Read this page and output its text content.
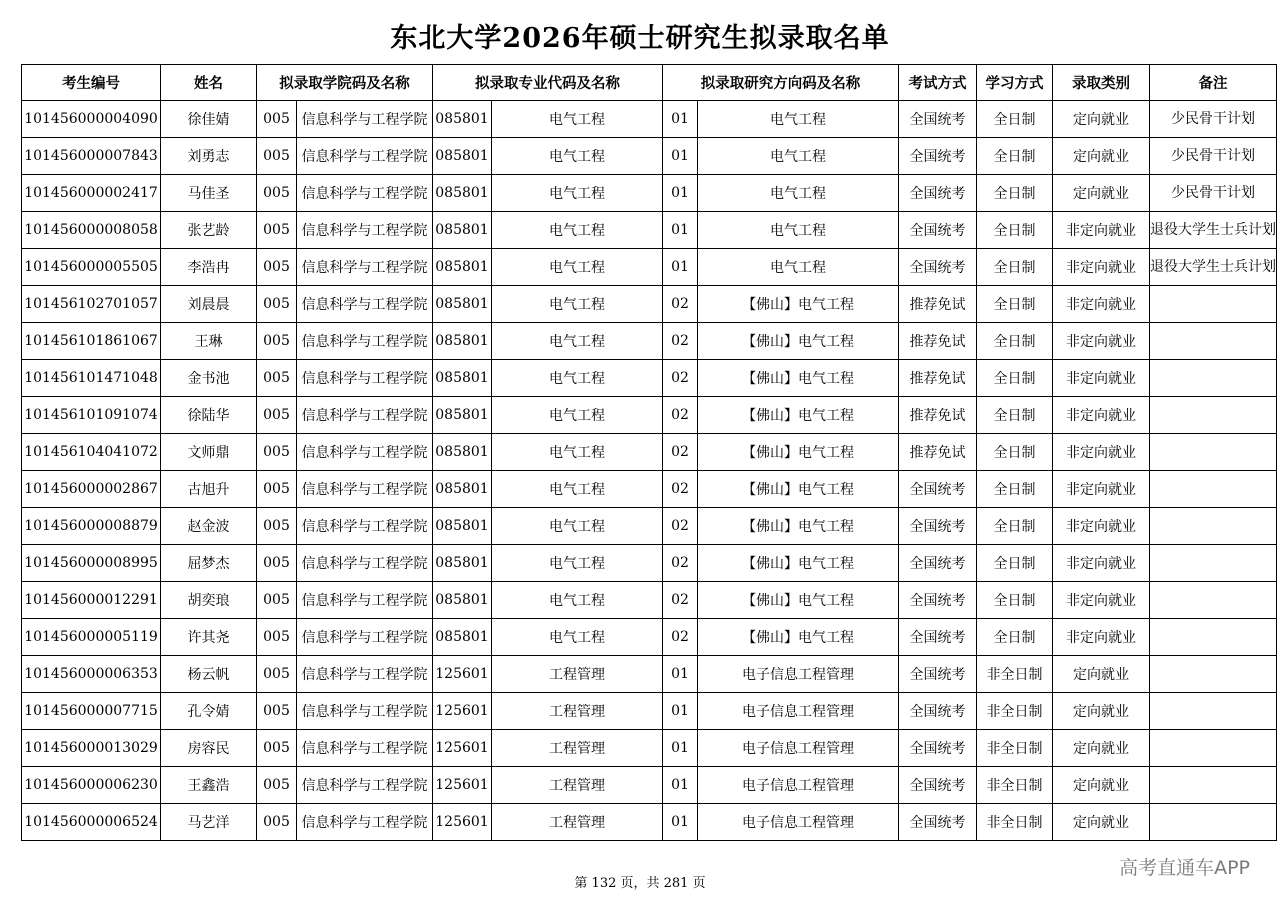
东北大学2026年硕士研究生拟录取名单
考生编号	姓名	拟录取学院码及名称		拟录取专业代码及名称		拟录取研究方向码及名称		考试方式	学习方式	录取类别	备注
101456000004090	徐佳婧	005	信息科学与工程学院	085801	电气工程	01	电气工程	全国统考	全日制	定向就业	少民骨干计划
101456000007843	刘勇志	005	信息科学与工程学院	085801	电气工程	01	电气工程	全国统考	全日制	定向就业	少民骨干计划
101456000002417	马佳圣	005	信息科学与工程学院	085801	电气工程	01	电气工程	全国统考	全日制	定向就业	少民骨干计划
101456000008058	张艺龄	005	信息科学与工程学院	085801	电气工程	01	电气工程	全国统考	全日制	非定向就业	退役大学生士兵计划
101456000005505	李浩冉	005	信息科学与工程学院	085801	电气工程	01	电气工程	全国统考	全日制	非定向就业	退役大学生士兵计划
101456102701057	刘晨晨	005	信息科学与工程学院	085801	电气工程	02	【佛山】电气工程	推荐免试	全日制	非定向就业	
101456101861067	王琳	005	信息科学与工程学院	085801	电气工程	02	【佛山】电气工程	推荐免试	全日制	非定向就业	
101456101471048	金书池	005	信息科学与工程学院	085801	电气工程	02	【佛山】电气工程	推荐免试	全日制	非定向就业	
101456101091074	徐陆华	005	信息科学与工程学院	085801	电气工程	02	【佛山】电气工程	推荐免试	全日制	非定向就业	
101456104041072	文师鼎	005	信息科学与工程学院	085801	电气工程	02	【佛山】电气工程	推荐免试	全日制	非定向就业	
101456000002867	古旭升	005	信息科学与工程学院	085801	电气工程	02	【佛山】电气工程	全国统考	全日制	非定向就业	
101456000008879	赵金波	005	信息科学与工程学院	085801	电气工程	02	【佛山】电气工程	全国统考	全日制	非定向就业	
101456000008995	屈梦杰	005	信息科学与工程学院	085801	电气工程	02	【佛山】电气工程	全国统考	全日制	非定向就业	
101456000012291	胡奕琅	005	信息科学与工程学院	085801	电气工程	02	【佛山】电气工程	全国统考	全日制	非定向就业	
101456000005119	许其尧	005	信息科学与工程学院	085801	电气工程	02	【佛山】电气工程	全国统考	全日制	非定向就业	
101456000006353	杨云帆	005	信息科学与工程学院	125601	工程管理	01	电子信息工程管理	全国统考	非全日制	定向就业	
101456000007715	孔令婧	005	信息科学与工程学院	125601	工程管理	01	电子信息工程管理	全国统考	非全日制	定向就业	
101456000013029	房容民	005	信息科学与工程学院	125601	工程管理	01	电子信息工程管理	全国统考	非全日制	定向就业	
101456000006230	王鑫浩	005	信息科学与工程学院	125601	工程管理	01	电子信息工程管理	全国统考	非全日制	定向就业	
101456000006524	马艺洋	005	信息科学与工程学院	125601	工程管理	01	电子信息工程管理	全国统考	非全日制	定向就业	
第 132 页，共 281 页
高考直通车APP
